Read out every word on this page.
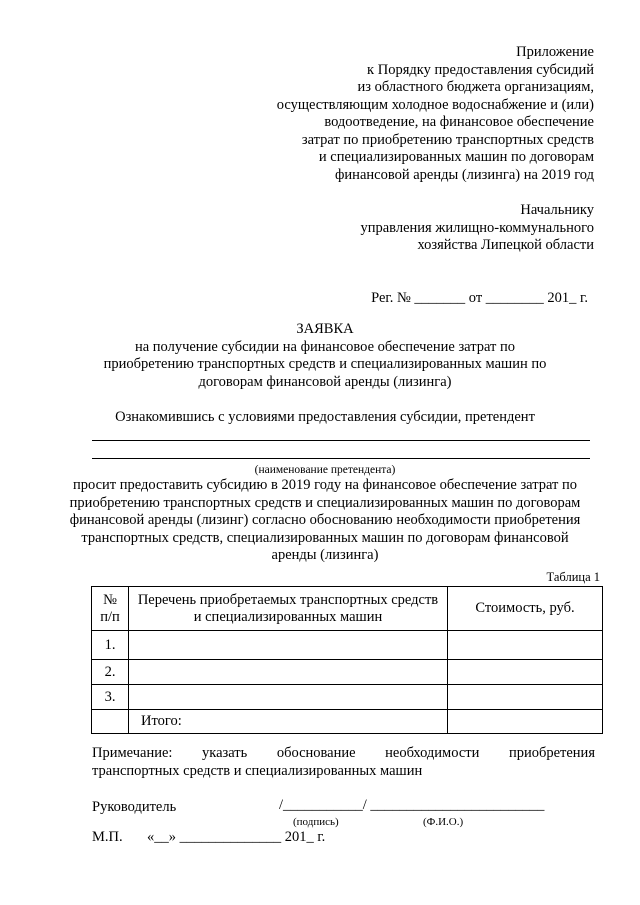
Приложение
к Порядку предоставления субсидий
из областного бюджета организациям,
осуществляющим холодное водоснабжение и (или)
водоотведение, на финансовое обеспечение
затрат по приобретению транспортных средств
и специализированных машин по договорам
финансовой аренды (лизинга) на 2019 год
Начальнику
управления жилищно-коммунального
хозяйства Липецкой области
Рег. № _______ от ________ 201_ г.
ЗАЯВКА
на получение субсидии на финансовое обеспечение затрат по
приобретению транспортных средств и специализированных машин по
договорам финансовой аренды (лизинга)
Ознакомившись с условиями предоставления субсидии, претендент
(наименование претендента)
просит предоставить субсидию в 2019 году на финансовое обеспечение затрат по
приобретению транспортных средств и специализированных машин по договорам
финансовой аренды (лизинг) согласно обоснованию необходимости приобретения
транспортных средств, специализированных машин по договорам финансовой
аренды (лизинга)
Таблица 1
№ п/п	Перечень приобретаемых транспортных средств и специализированных машин	Стоимость, руб.
1.		
2.		
3.		
	Итого:	
Примечание: указать обоснование необходимости приобретения
транспортных средств и специализированных машин
Руководитель	/___________/ ________________________
(подпись)	(Ф.И.О.)
М.П. «__» ______________ 201_ г.
